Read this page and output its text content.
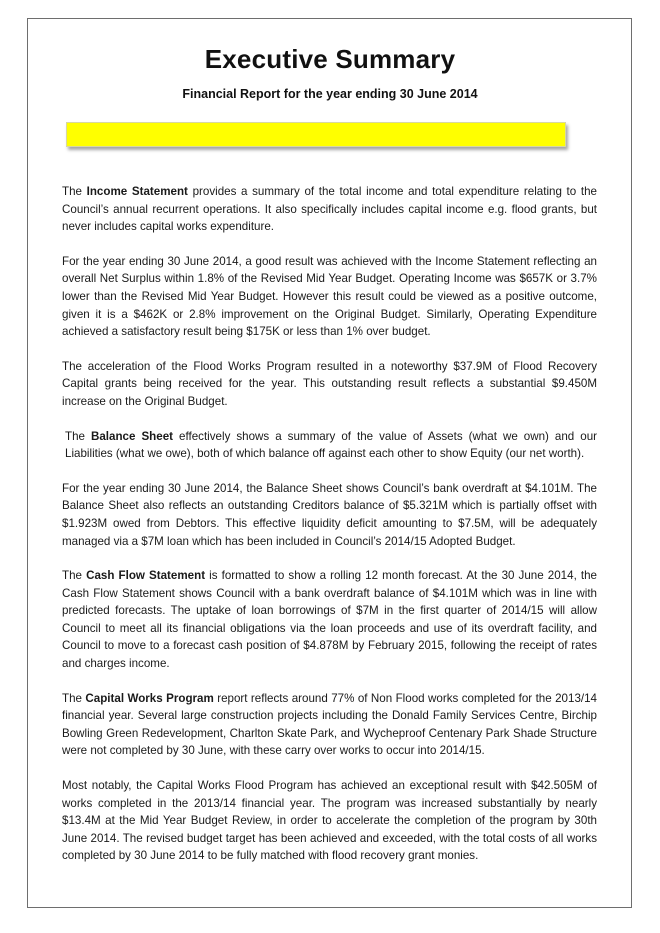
Executive Summary
Financial Report for the year ending 30 June 2014

The Income Statement provides a summary of the total income and total expenditure relating to the Council’s annual recurrent operations. It also specifically includes capital income e.g. flood grants, but never includes capital works expenditure.

For the year ending 30 June 2014, a good result was achieved with the Income Statement reflecting an overall Net Surplus within 1.8% of the Revised Mid Year Budget. Operating Income was $657K or 3.7% lower than the Revised Mid Year Budget. However this result could be viewed as a positive outcome, given it is a $462K or 2.8% improvement on the Original Budget. Similarly, Operating Expenditure achieved a satisfactory result being $175K or less than 1% over budget.

The acceleration of the Flood Works Program resulted in a noteworthy $37.9M of Flood Recovery Capital grants being received for the year. This outstanding result reflects a substantial $9.450M increase on the Original Budget.

The Balance Sheet effectively shows a summary of the value of Assets (what we own) and our Liabilities (what we owe), both of which balance off against each other to show Equity (our net worth).

For the year ending 30 June 2014, the Balance Sheet shows Council’s bank overdraft at $4.101M. The Balance Sheet also reflects an outstanding Creditors balance of $5.321M which is partially offset with $1.923M owed from Debtors. This effective liquidity deficit amounting to $7.5M, will be adequately managed via a $7M loan which has been included in Council’s 2014/15 Adopted Budget.

The Cash Flow Statement is formatted to show a rolling 12 month forecast. At the 30 June 2014, the Cash Flow Statement shows Council with a bank overdraft balance of $4.101M which was in line with predicted forecasts. The uptake of loan borrowings of $7M in the first quarter of 2014/15 will allow Council to meet all its financial obligations via the loan proceeds and use of its overdraft facility, and Council to move to a forecast cash position of $4.878M by February 2015, following the receipt of rates and charges income.

The Capital Works Program report reflects around 77% of Non Flood works completed for the 2013/14 financial year. Several large construction projects including the Donald Family Services Centre, Birchip Bowling Green Redevelopment, Charlton Skate Park, and Wycheproof Centenary Park Shade Structure were not completed by 30 June, with these carry over works to occur into 2014/15.

Most notably, the Capital Works Flood Program has achieved an exceptional result with $42.505M of works completed in the 2013/14 financial year. The program was increased substantially by nearly $13.4M at the Mid Year Budget Review, in order to accelerate the completion of the program by 30th June 2014. The revised budget target has been achieved and exceeded, with the total costs of all works completed by 30 June 2014 to be fully matched with flood recovery grant monies.
